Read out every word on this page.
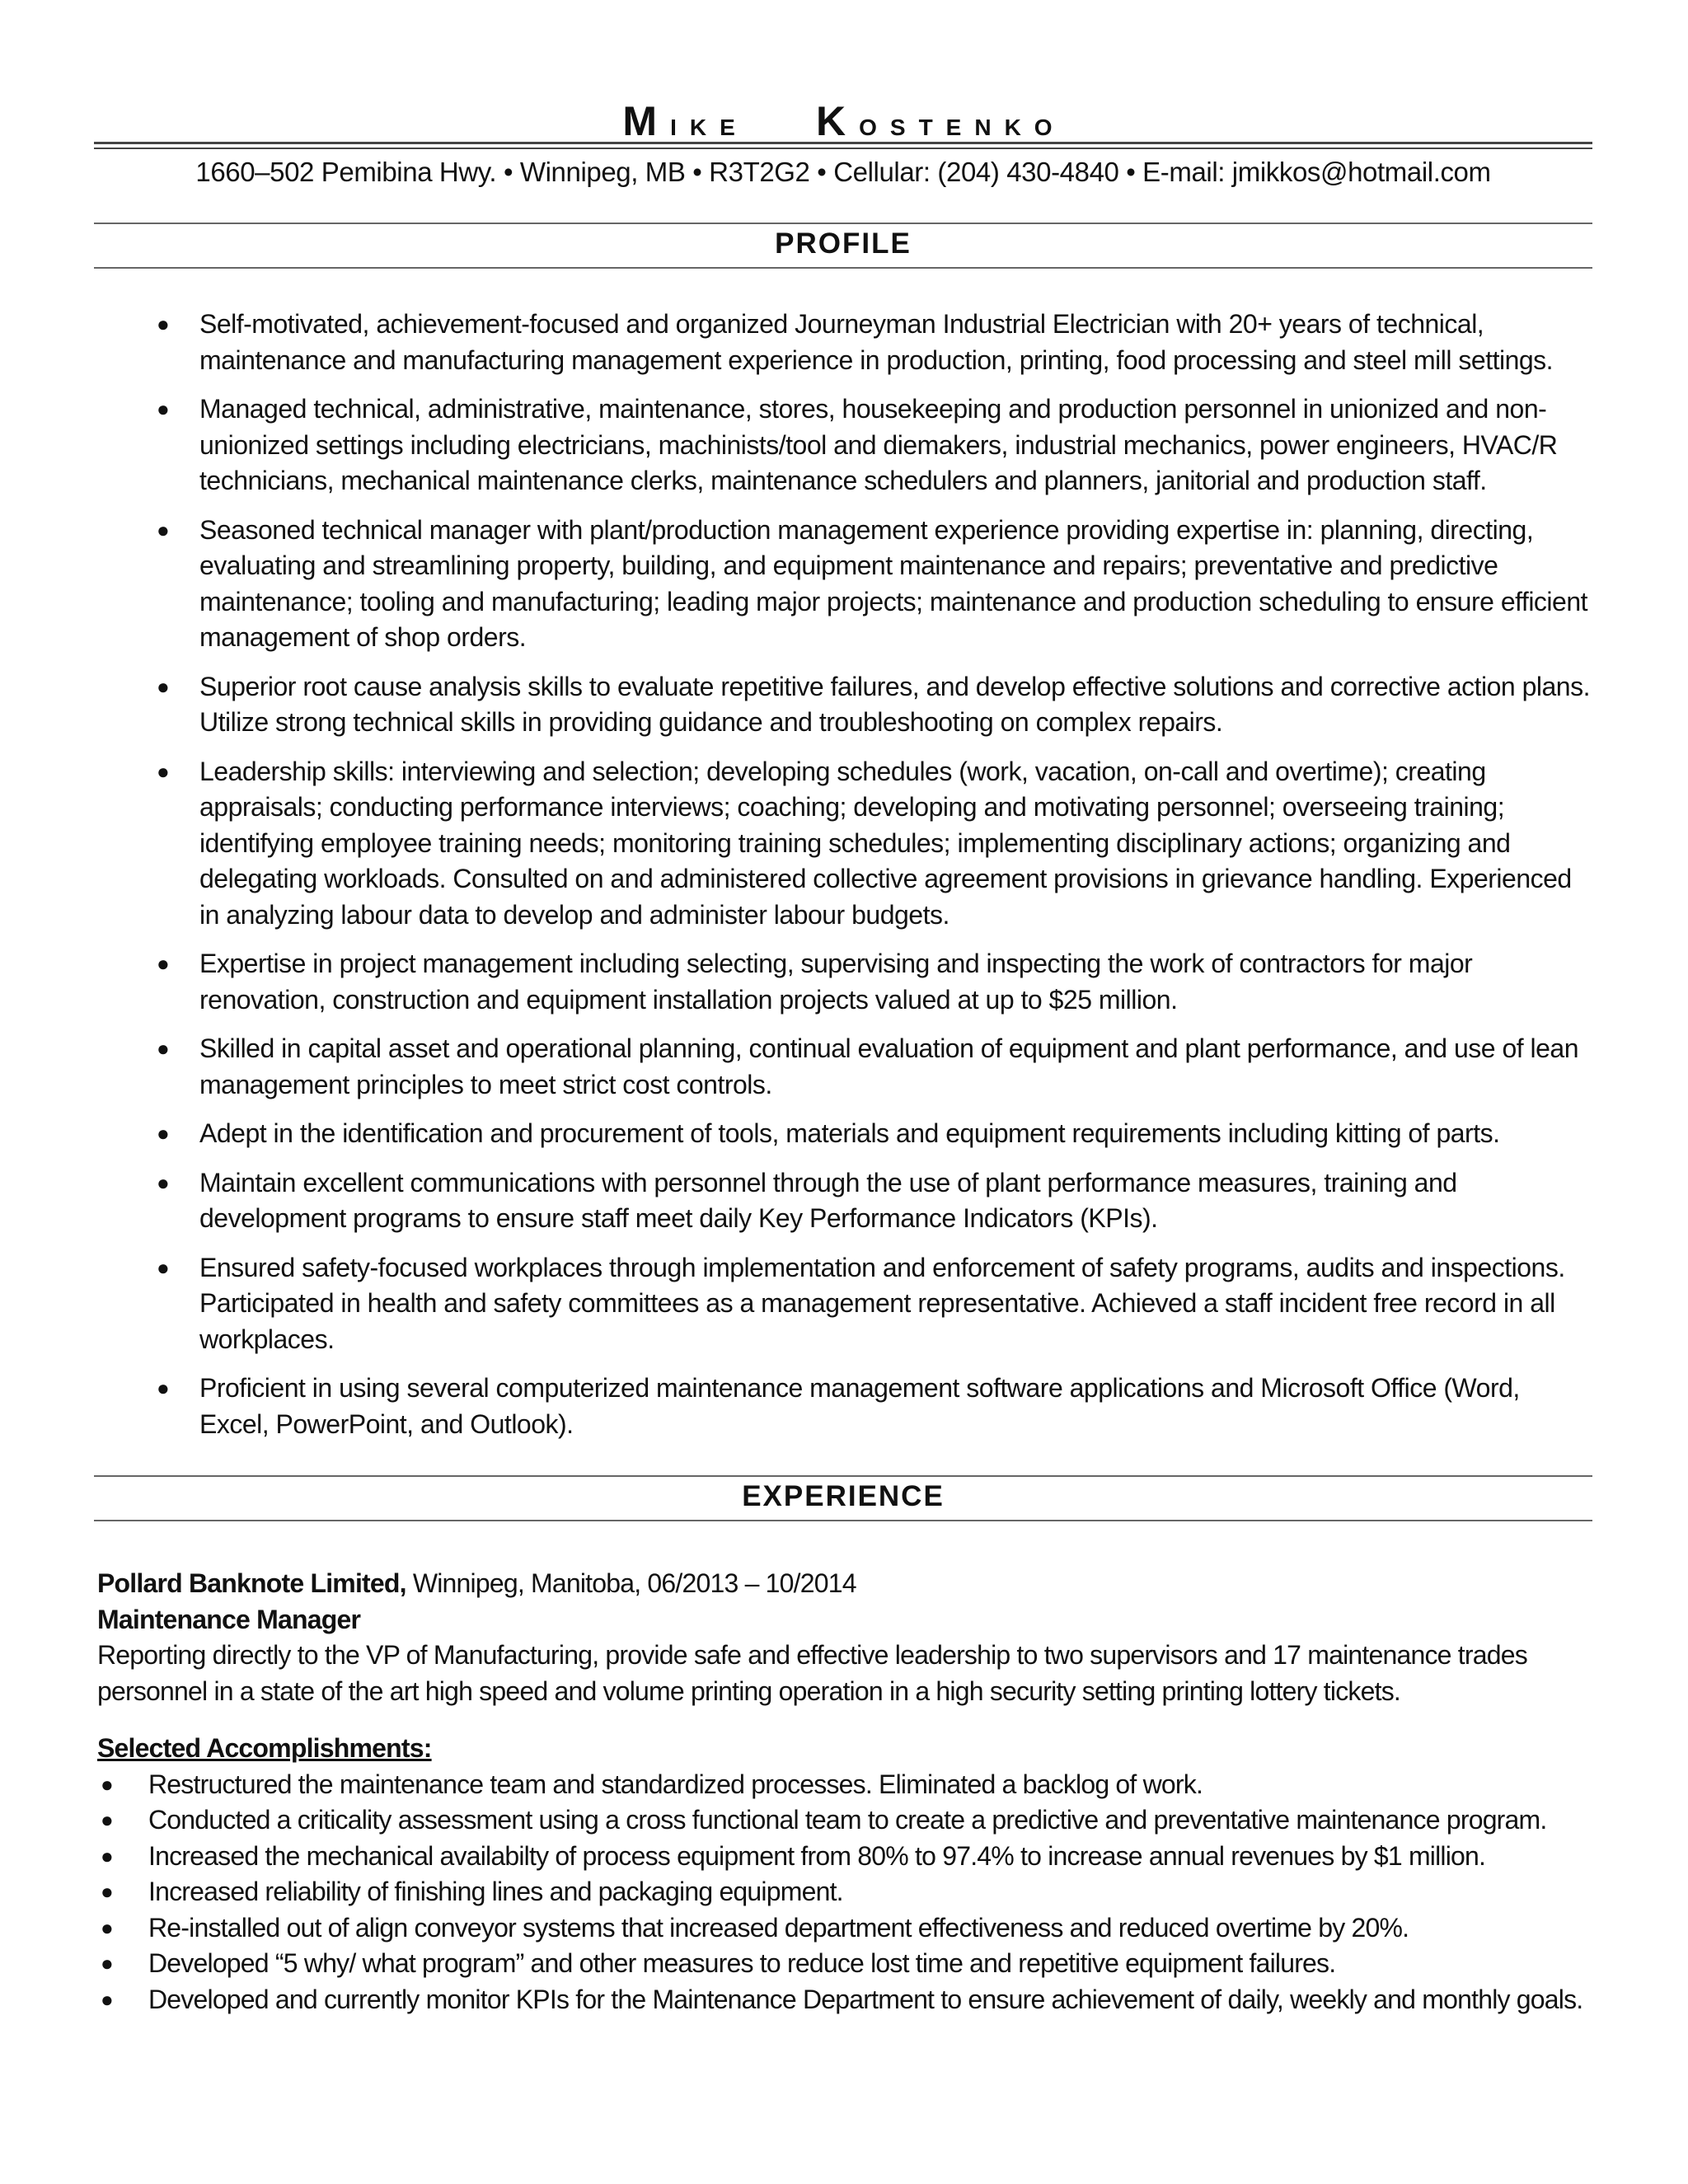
Mike Kostenko
1660–502 Pemibina Hwy. • Winnipeg, MB • R3T2G2 • Cellular: (204) 430-4840 • E-mail: jmikkos@hotmail.com
PROFILE
● Self-motivated, achievement-focused and organized Journeyman Industrial Electrician with 20+ years of technical, maintenance and manufacturing management experience in production, printing, food processing and steel mill settings.
● Managed technical, administrative, maintenance, stores, housekeeping and production personnel in unionized and non-unionized settings including electricians, machinists/tool and diemakers, industrial mechanics, power engineers, HVAC/R technicians, mechanical maintenance clerks, maintenance schedulers and planners, janitorial and production staff.
● Seasoned technical manager with plant/production management experience providing expertise in: planning, directing, evaluating and streamlining property, building, and equipment maintenance and repairs; preventative and predictive maintenance; tooling and manufacturing; leading major projects; maintenance and production scheduling to ensure efficient management of shop orders.
● Superior root cause analysis skills to evaluate repetitive failures, and develop effective solutions and corrective action plans. Utilize strong technical skills in providing guidance and troubleshooting on complex repairs.
● Leadership skills: interviewing and selection; developing schedules (work, vacation, on-call and overtime); creating appraisals; conducting performance interviews; coaching; developing and motivating personnel; overseeing training; identifying employee training needs; monitoring training schedules; implementing disciplinary actions; organizing and delegating workloads. Consulted on and administered collective agreement provisions in grievance handling. Experienced in analyzing labour data to develop and administer labour budgets.
● Expertise in project management including selecting, supervising and inspecting the work of contractors for major renovation, construction and equipment installation projects valued at up to $25 million.
● Skilled in capital asset and operational planning, continual evaluation of equipment and plant performance, and use of lean management principles to meet strict cost controls.
● Adept in the identification and procurement of tools, materials and equipment requirements including kitting of parts.
● Maintain excellent communications with personnel through the use of plant performance measures, training and development programs to ensure staff meet daily Key Performance Indicators (KPIs).
● Ensured safety-focused workplaces through implementation and enforcement of safety programs, audits and inspections. Participated in health and safety committees as a management representative. Achieved a staff incident free record in all workplaces.
● Proficient in using several computerized maintenance management software applications and Microsoft Office (Word, Excel, PowerPoint, and Outlook).
EXPERIENCE
Pollard Banknote Limited, Winnipeg, Manitoba, 06/2013 – 10/2014
Maintenance Manager
Reporting directly to the VP of Manufacturing, provide safe and effective leadership to two supervisors and 17 maintenance trades personnel in a state of the art high speed and volume printing operation in a high security setting printing lottery tickets.
Selected Accomplishments:
● Restructured the maintenance team and standardized processes. Eliminated a backlog of work.
● Conducted a criticality assessment using a cross functional team to create a predictive and preventative maintenance program.
● Increased the mechanical availabilty of process equipment from 80% to 97.4% to increase annual revenues by $1 million.
● Increased reliability of finishing lines and packaging equipment.
● Re-installed out of align conveyor systems that increased department effectiveness and reduced overtime by 20%.
● Developed “5 why/ what program” and other measures to reduce lost time and repetitive equipment failures.
● Developed and currently monitor KPIs for the Maintenance Department to ensure achievement of daily, weekly and monthly goals.
